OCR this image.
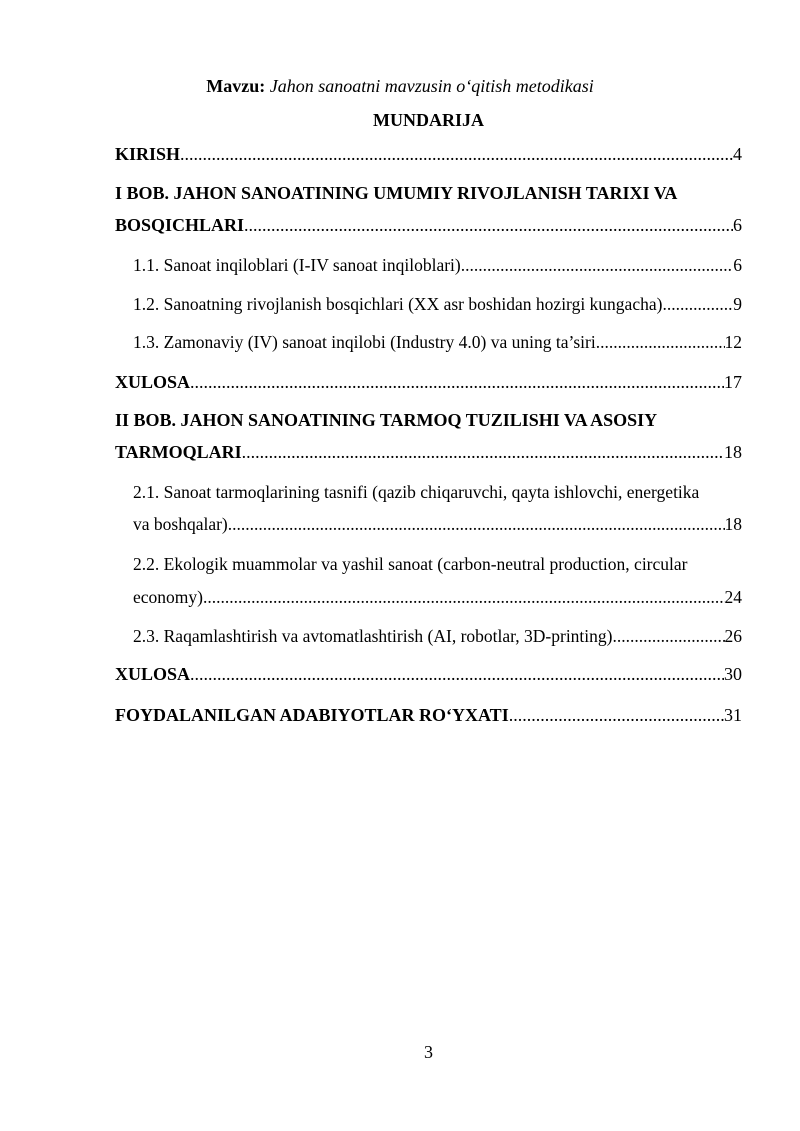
Mavzu: Jahon sanoatni mavzusin o‘qitish metodikasi
MUNDARIJA
KIRISH .....	4
I BOB. JAHON SANOATINING UMUMIY RIVOJLANISH TARIXI VA
BOSQICHLARI .....	6
1.1. Sanoat inqiloblari (I-IV sanoat inqiloblari) .....	6
1.2. Sanoatning rivojlanish bosqichlari (XX asr boshidan hozirgi kungacha) .....	9
1.3. Zamonaviy (IV) sanoat inqilobi (Industry 4.0) va uning ta’siri .....	12
XULOSA .....	17
II BOB. JAHON SANOATINING TARMOQ TUZILISHI VA ASOSIY
TARMOQLARI .....	18
2.1. Sanoat tarmoqlarining tasnifi (qazib chiqaruvchi, qayta ishlovchi, energetika
va boshqalar) .....	18
2.2. Ekologik muammolar va yashil sanoat (carbon-neutral production, circular
economy) .....	24
2.3. Raqamlashtirish va avtomatlashtirish (AI, robotlar, 3D-printing) .....	26
XULOSA .....	30
FOYDALANILGAN ADABIYOTLAR RO‘YXATI .....	31
3
